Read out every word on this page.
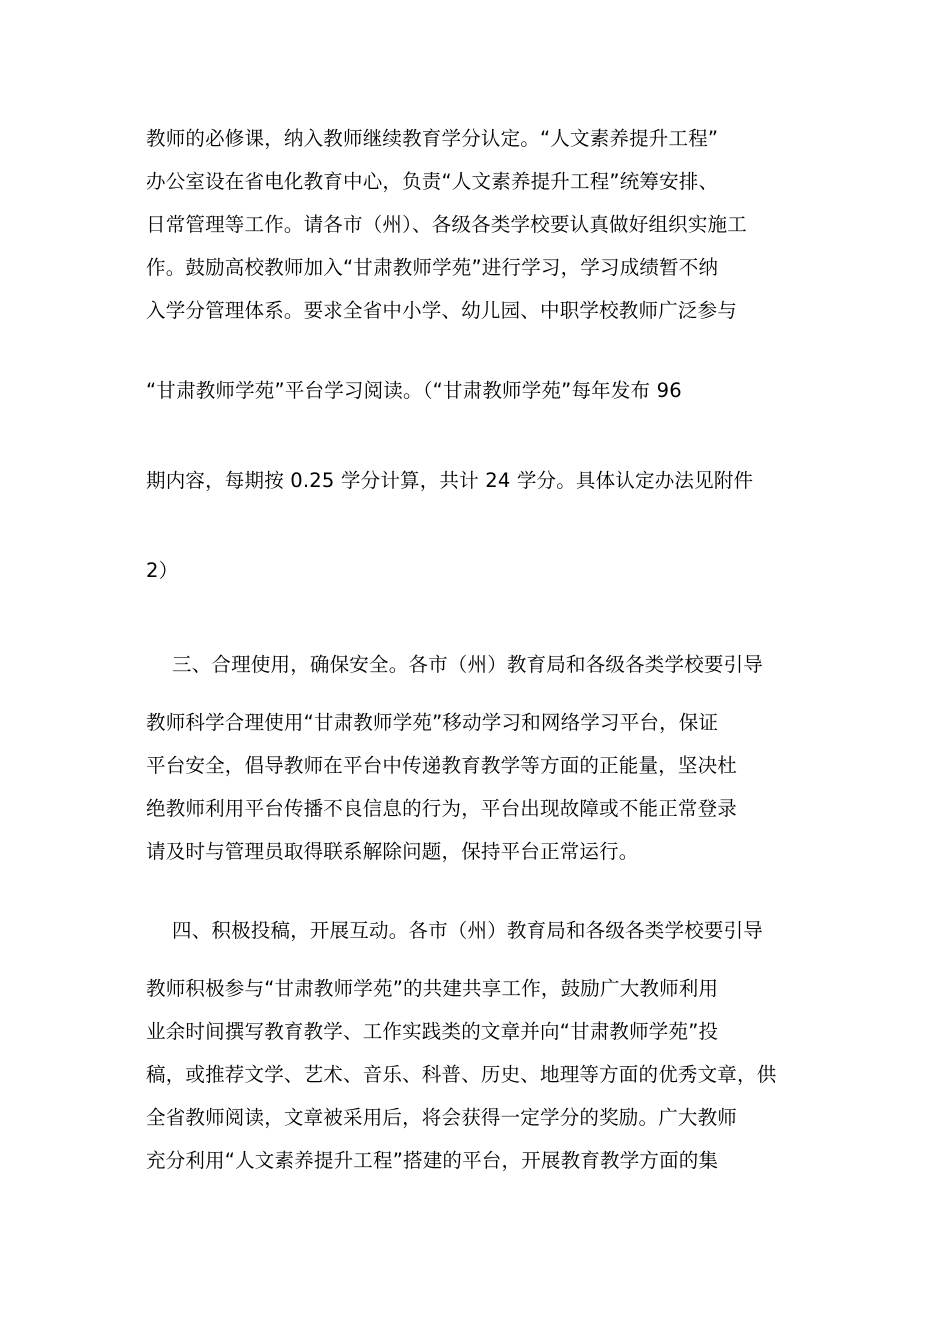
教师的必修课，纳入教师继续教育学分认定。“人文素养提升工程”
办公室设在省电化教育中心，负责“人文素养提升工程”统筹安排、
日常管理等工作。请各市（州）、各级各类学校要认真做好组织实施工
作。鼓励高校教师加入“甘肃教师学苑”进行学习，学习成绩暂不纳
入学分管理体系。要求全省中小学、幼儿园、中职学校教师广泛参与
“甘肃教师学苑”平台学习阅读。（“甘肃教师学苑”每年发布 96
期内容，每期按 0.25 学分计算，共计 24 学分。具体认定办法见附件
2）
三、合理使用，确保安全。各市（州）教育局和各级各类学校要引导
教师科学合理使用“甘肃教师学苑”移动学习和网络学习平台，保证
平台安全，倡导教师在平台中传递教育教学等方面的正能量，坚决杜
绝教师利用平台传播不良信息的行为，平台出现故障或不能正常登录
请及时与管理员取得联系解除问题，保持平台正常运行。
四、积极投稿，开展互动。各市（州）教育局和各级各类学校要引导
教师积极参与“甘肃教师学苑”的共建共享工作，鼓励广大教师利用
业余时间撰写教育教学、工作实践类的文章并向“甘肃教师学苑”投
稿，或推荐文学、艺术、音乐、科普、历史、地理等方面的优秀文章，供
全省教师阅读，文章被采用后，将会获得一定学分的奖励。广大教师
充分利用“人文素养提升工程”搭建的平台，开展教育教学方面的集
